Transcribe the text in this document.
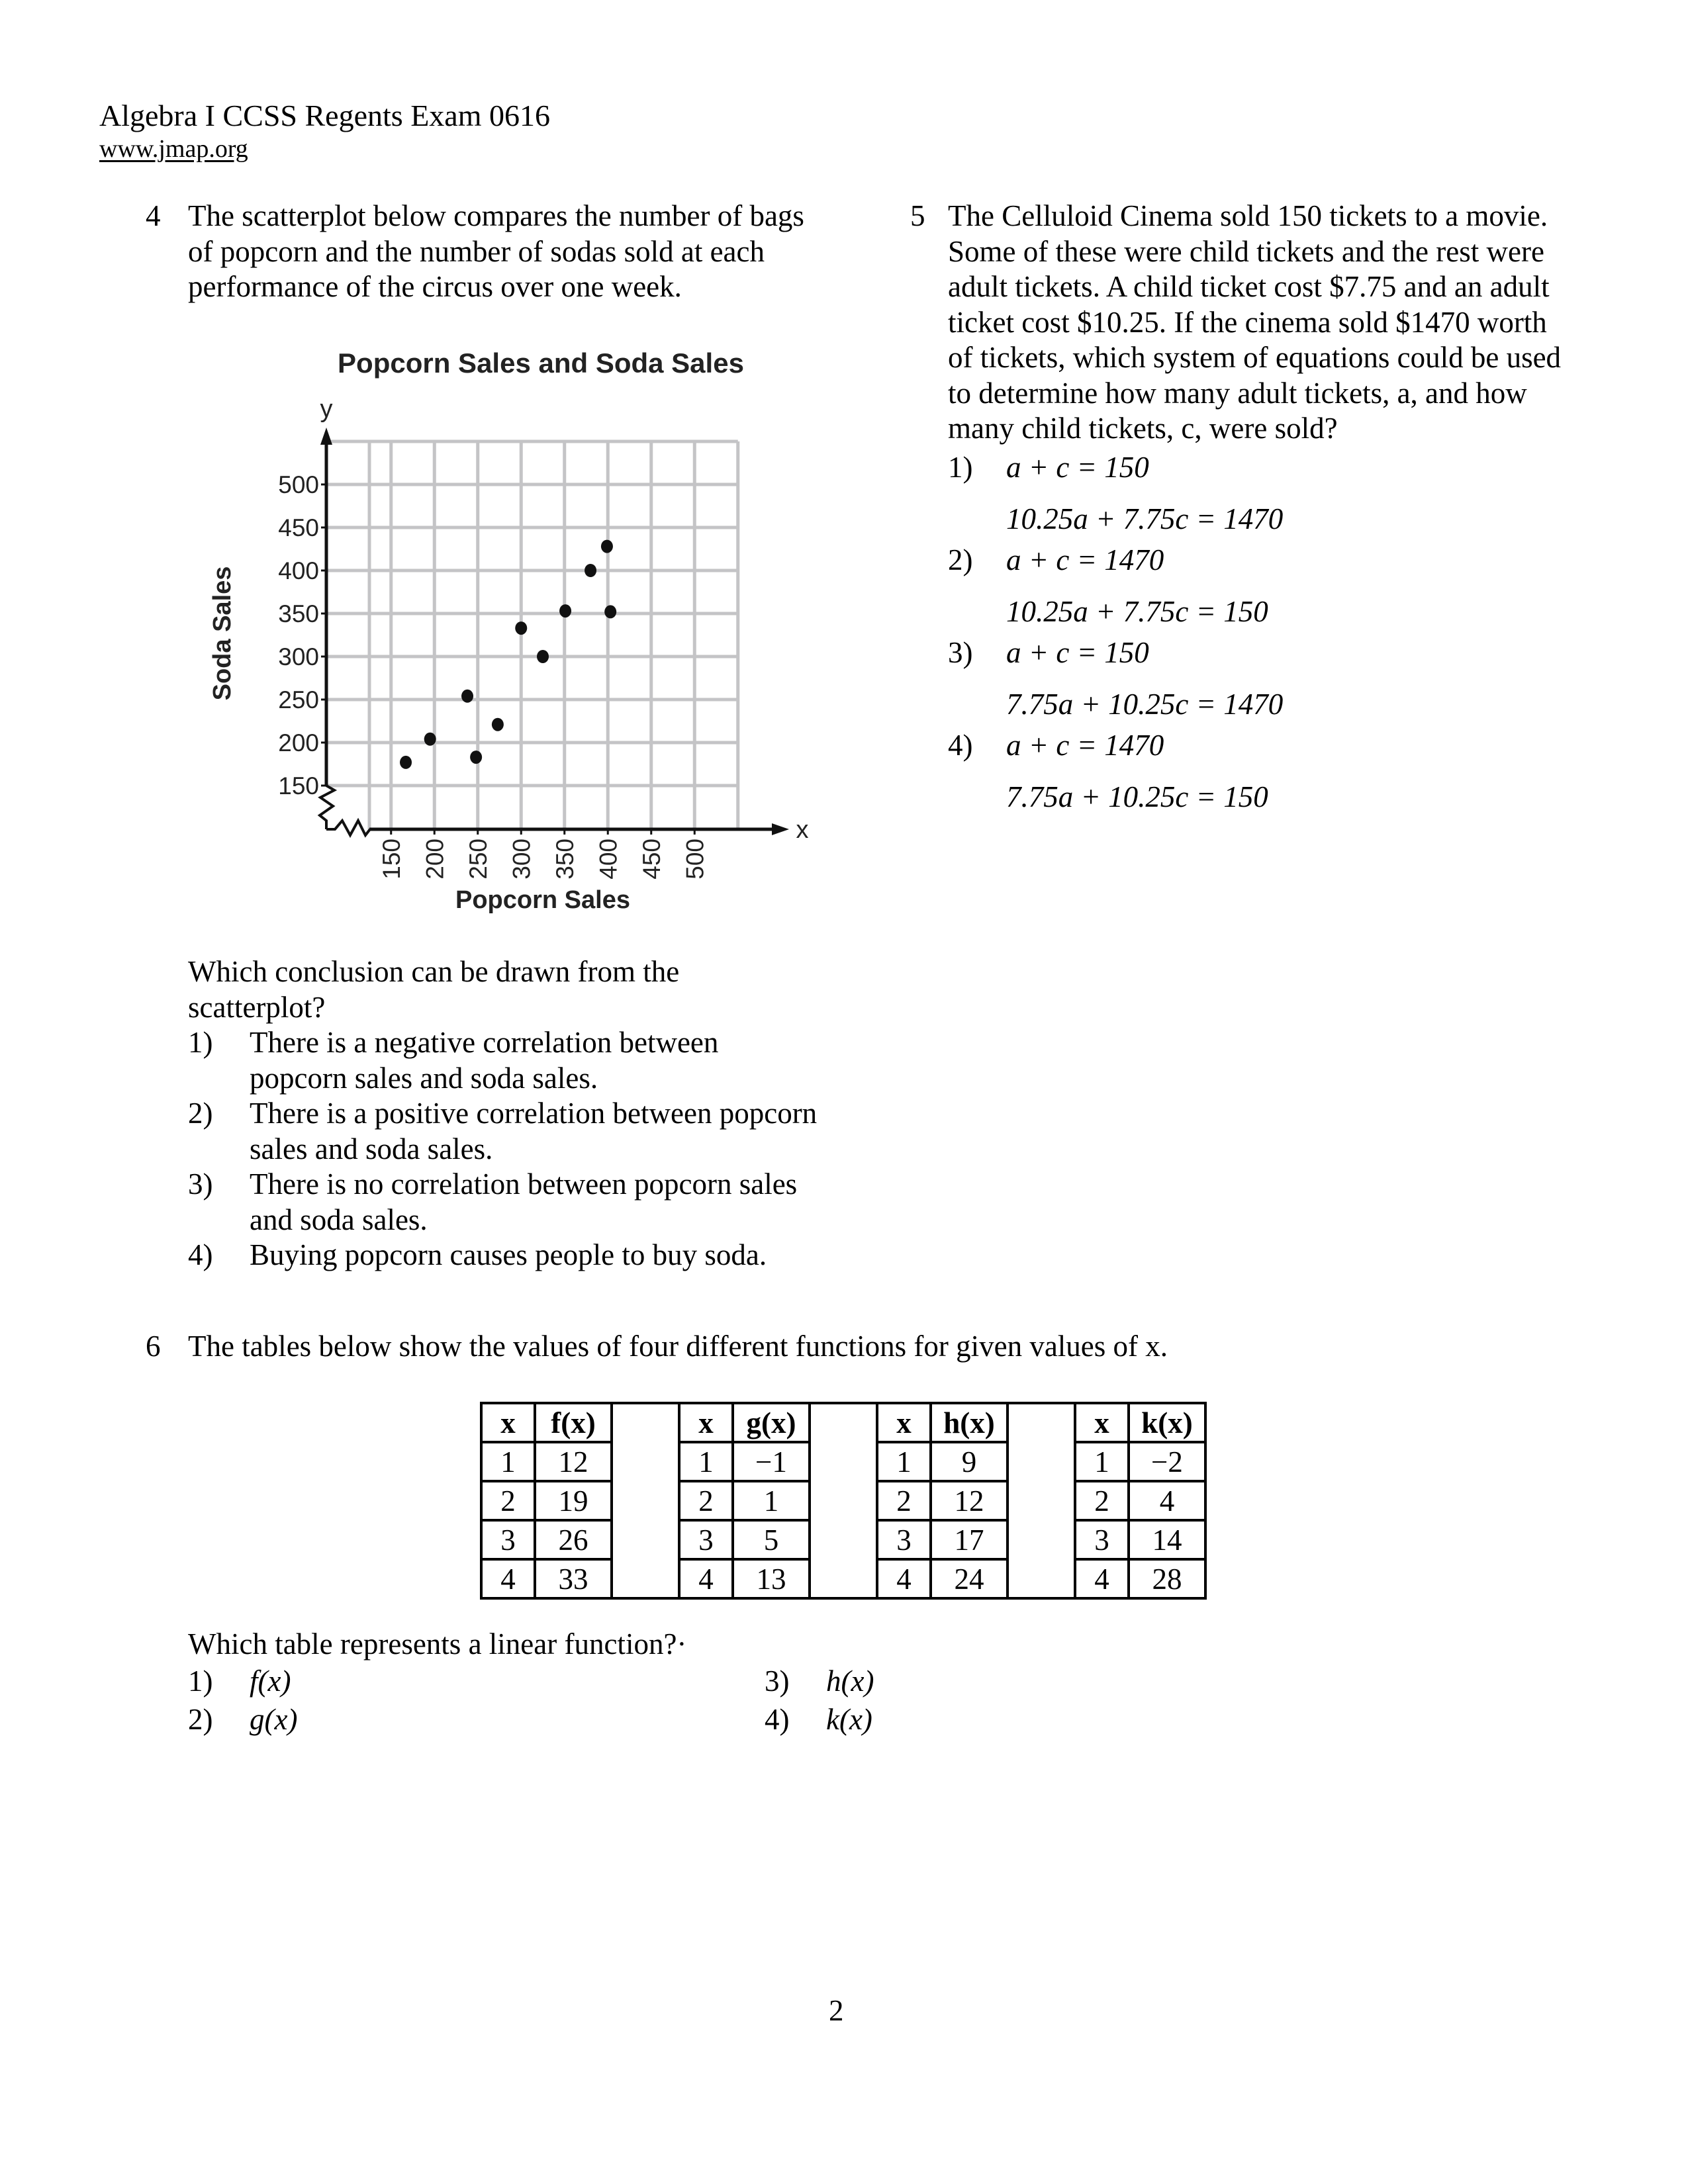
Algebra I CCSS Regents Exam 0616
www.jmap.org
4 The scatterplot below compares the number of bags
of popcorn and the number of sodas sold at each
performance of the circus over one week.
150
200
250
300
350
400
450
500
150 200 250 300 350 400 450 500
Popcorn Sales and Soda Sales
y
x
Soda Sales
Popcorn Sales
Which conclusion can be drawn from the
scatterplot?
1) There is a negative correlation between
popcorn sales and soda sales.
2) There is a positive correlation between popcorn
sales and soda sales.
3) There is no correlation between popcorn sales
and soda sales.
4) Buying popcorn causes people to buy soda.
5 The Celluloid Cinema sold 150 tickets to a movie.
Some of these were child tickets and the rest were
adult tickets. A child ticket cost $7.75 and an adult
ticket cost $10.25. If the cinema sold $1470 worth
of tickets, which system of equations could be used
to determine how many adult tickets, a, and how
many child tickets, c, were sold?
1) a + c = 150
10.25a + 7.75c = 1470
2) a + c = 1470
10.25a + 7.75c = 150
3) a + c = 150
7.75a + 10.25c = 1470
4) a + c = 1470
7.75a + 10.25c = 150
6 The tables below show the values of four different functions for given values of x.
x	f(x)		x	g(x)		x	h(x)		x	k(x)
1	12		1	−1		1	9		1	−2
2	19		2	1		2	12		2	4
3	26		3	5		3	17		3	14
4	33		4	13		4	24		4	28
Which table represents a linear function?·
1) f(x)
2) g(x)
3) h(x)
4) k(x)
2
